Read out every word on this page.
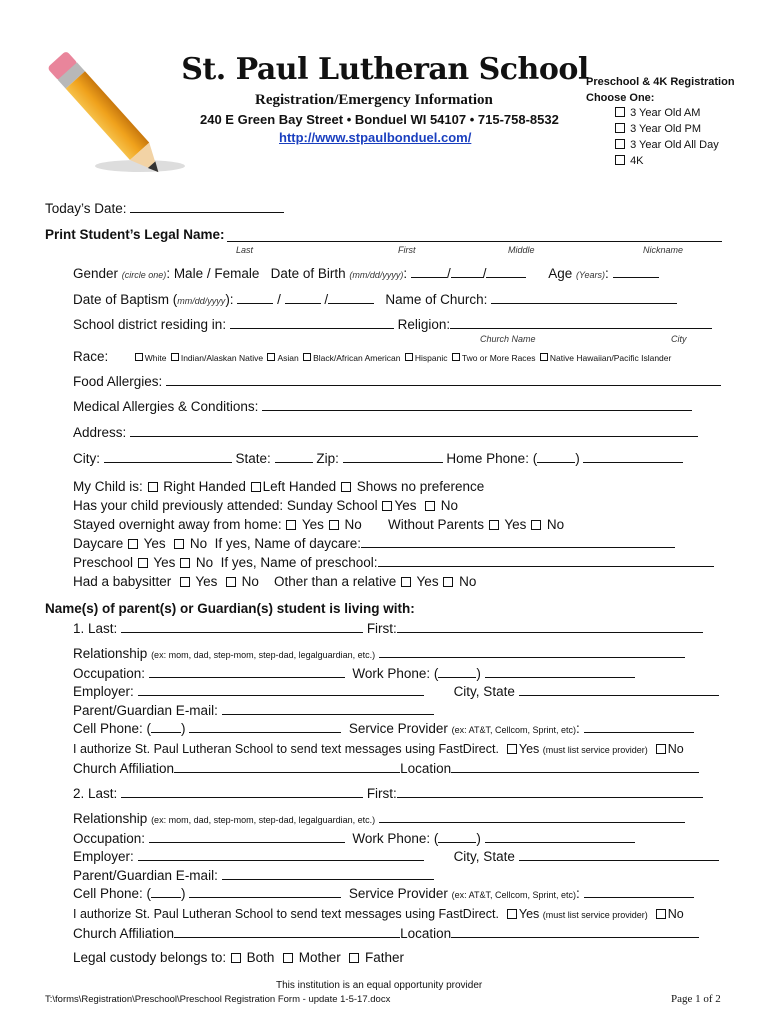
St. Paul Lutheran School
Registration/Emergency Information
240 E Green Bay Street • Bonduel WI 54107 • 715-758-8532
http://www.stpaulbonduel.com/
Preschool & 4K Registration
Choose One:
3 Year Old AM
3 Year Old PM
3 Year Old All Day
4K
Today’s Date:
Print Student’s Legal Name:
Last	First	Middle	Nickname
Gender (circle one): Male / Female Date of Birth (mm/dd/yyyy):	/ /	Age (Years):
Date of Baptism (mm/dd/yyyy):	/	/	Name of Church:
School district residing in:	Religion:
Church Name	City
Race:	White Indian/Alaskan Native Asian Black/African American Hispanic Two or More Races Native Hawaiian/Pacific Islander
Food Allergies:
Medical Allergies & Conditions:
Address:
City:	State:	Zip:	Home Phone: (	)
My Child is: Right Handed Left Handed Shows no preference
Has your child previously attended: Sunday School Yes No
Stayed overnight away from home: Yes No Without Parents Yes No
Daycare Yes No If yes, Name of daycare:
Preschool Yes No If yes, Name of preschool:
Had a babysitter Yes No Other than a relative Yes No
Name(s) of parent(s) or Guardian(s) student is living with:
1. Last:	First:
Relationship (ex: mom, dad, step-mom, step-dad, legalguardian, etc.)
Occupation:	Work Phone: (	)
Employer:	City, State
Parent/Guardian E-mail:
Cell Phone: ( )	Service Provider (ex: AT&T, Cellcom, Sprint, etc):
I authorize St. Paul Lutheran School to send text messages using FastDirect. Yes (must list service provider) No
Church Affiliation	Location
2. Last:	First:
Relationship (ex: mom, dad, step-mom, step-dad, legalguardian, etc.)
Occupation:	Work Phone: (	)
Employer:	City, State
Parent/Guardian E-mail:
Cell Phone: ( )	Service Provider (ex: AT&T, Cellcom, Sprint, etc):
I authorize St. Paul Lutheran School to send text messages using FastDirect. Yes (must list service provider) No
Church Affiliation	Location
Legal custody belongs to: Both Mother Father
This institution is an equal opportunity provider
T:\forms\Registration\Preschool\Preschool Registration Form - update 1-5-17.docx	Page 1 of 2
